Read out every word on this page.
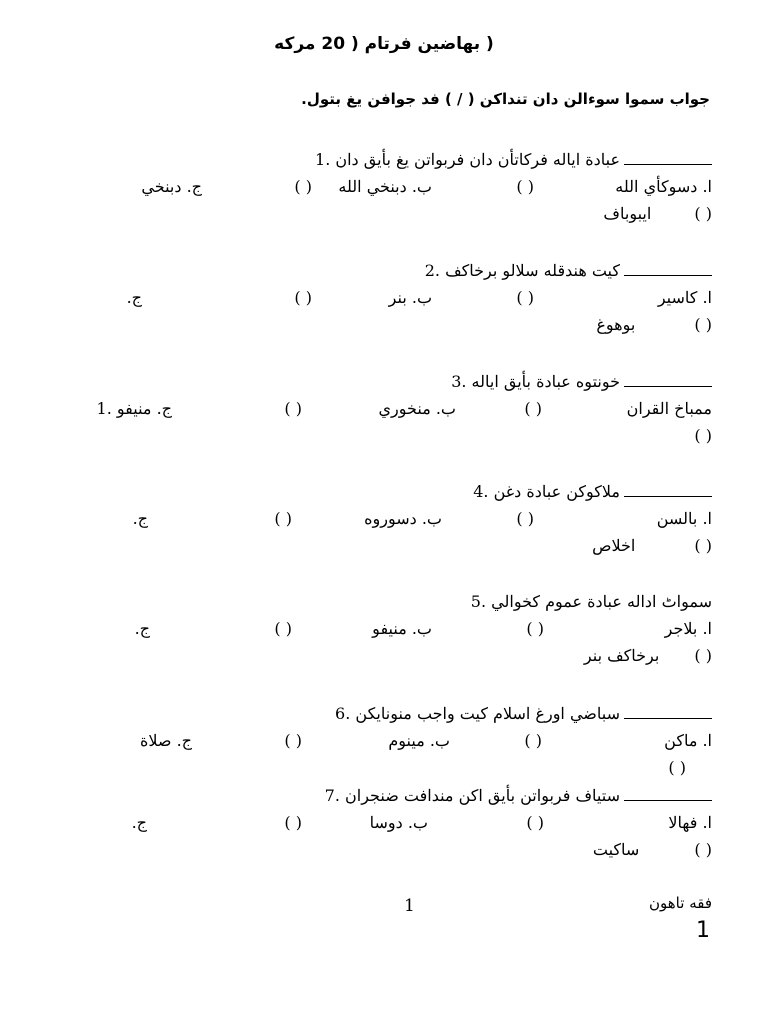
( بهاضين فرتام ( 20 مركه
جواب سموا سوءالن دان تنداكن ( / ) فد جوافن يغ بتول.
عبادة اياله فركاتأن دان فربواتن يغ بأيق دان .1
ا. دسوكأي الله
( )
ب. دبنخي الله
( )
ج. دبنخي
( ) ايبوباف
كيت هندقله سلالو برخاكف .2
ا. كاسير
( )
ب. بنر
( )
ج.
( ) بوهوغ
خونتوه عبادة بأيق اياله .3
ممباخ القران
( )
ب. منخوري
( )
ج. منيفو .1
( )
ملاكوكن عبادة دغن .4
ا. بالسن
( )
ب. دسوروه
( )
ج.
( ) اخلاص
سمواٹ اداله عبادة عموم كخوالي .5
ا. بلاجر
( )
ب. منيفو
( )
ج.
( ) برخاكف بنر
سباضي اورغ اسلام كيت واجب منونايكن .6
ا. ماكن
( )
ب. مينوم
( )
ج. صلاة
( )
ستياف فربواتن بأيق اكن مندافت ضنجران .7
ا. فهالا
( )
ب. دوسا
( )
ج.
( ) ساكيت
1	فقه تاهون
1
